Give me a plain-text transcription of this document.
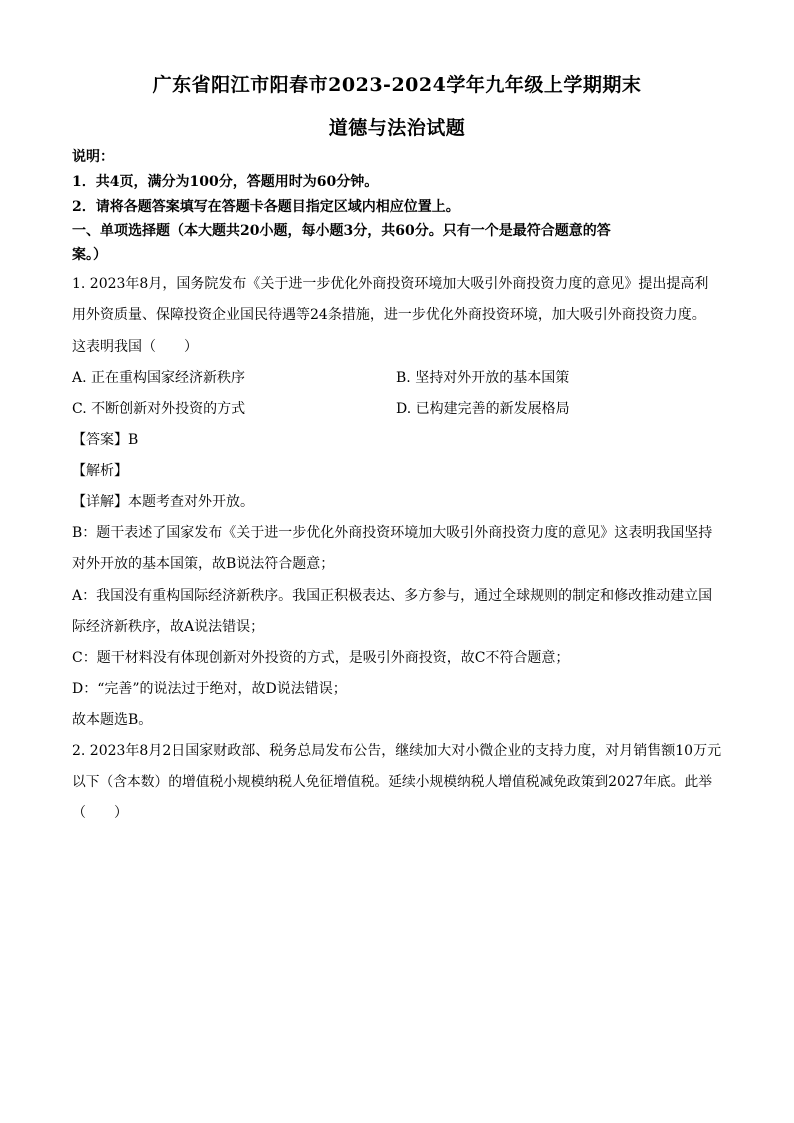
广东省阳江市阳春市2023-2024学年九年级上学期期末
道德与法治试题
说明：
1．共4页，满分为100分，答题用时为60分钟。
2．请将各题答案填写在答题卡各题目指定区域内相应位置上。
一、单项选择题（本大题共20小题，每小题3分，共60分。只有一个是最符合题意的答
案。）
1. 2023年8月，国务院发布《关于进一步优化外商投资环境加大吸引外商投资力度的意见》提出提高利
用外资质量、保障投资企业国民待遇等24条措施，进一步优化外商投资环境，加大吸引外商投资力度。
这表明我国（　　）
A. 正在重构国家经济新秩序	B. 坚持对外开放的基本国策
C. 不断创新对外投资的方式	D. 已构建完善的新发展格局
【答案】B
【解析】
【详解】本题考查对外开放。
B：题干表述了国家发布《关于进一步优化外商投资环境加大吸引外商投资力度的意见》这表明我国坚持
对外开放的基本国策，故B说法符合题意；
A：我国没有重构国际经济新秩序。我国正积极表达、多方参与，通过全球规则的制定和修改推动建立国
际经济新秩序，故A说法错误；
C：题干材料没有体现创新对外投资的方式，是吸引外商投资，故C不符合题意；
D：“完善”的说法过于绝对，故D说法错误；
故本题选B。
2. 2023年8月2日国家财政部、税务总局发布公告，继续加大对小微企业的支持力度，对月销售额10万元
以下（含本数）的增值税小规模纳税人免征增值税。延续小规模纳税人增值税减免政策到2027年底。此举
（　　）
